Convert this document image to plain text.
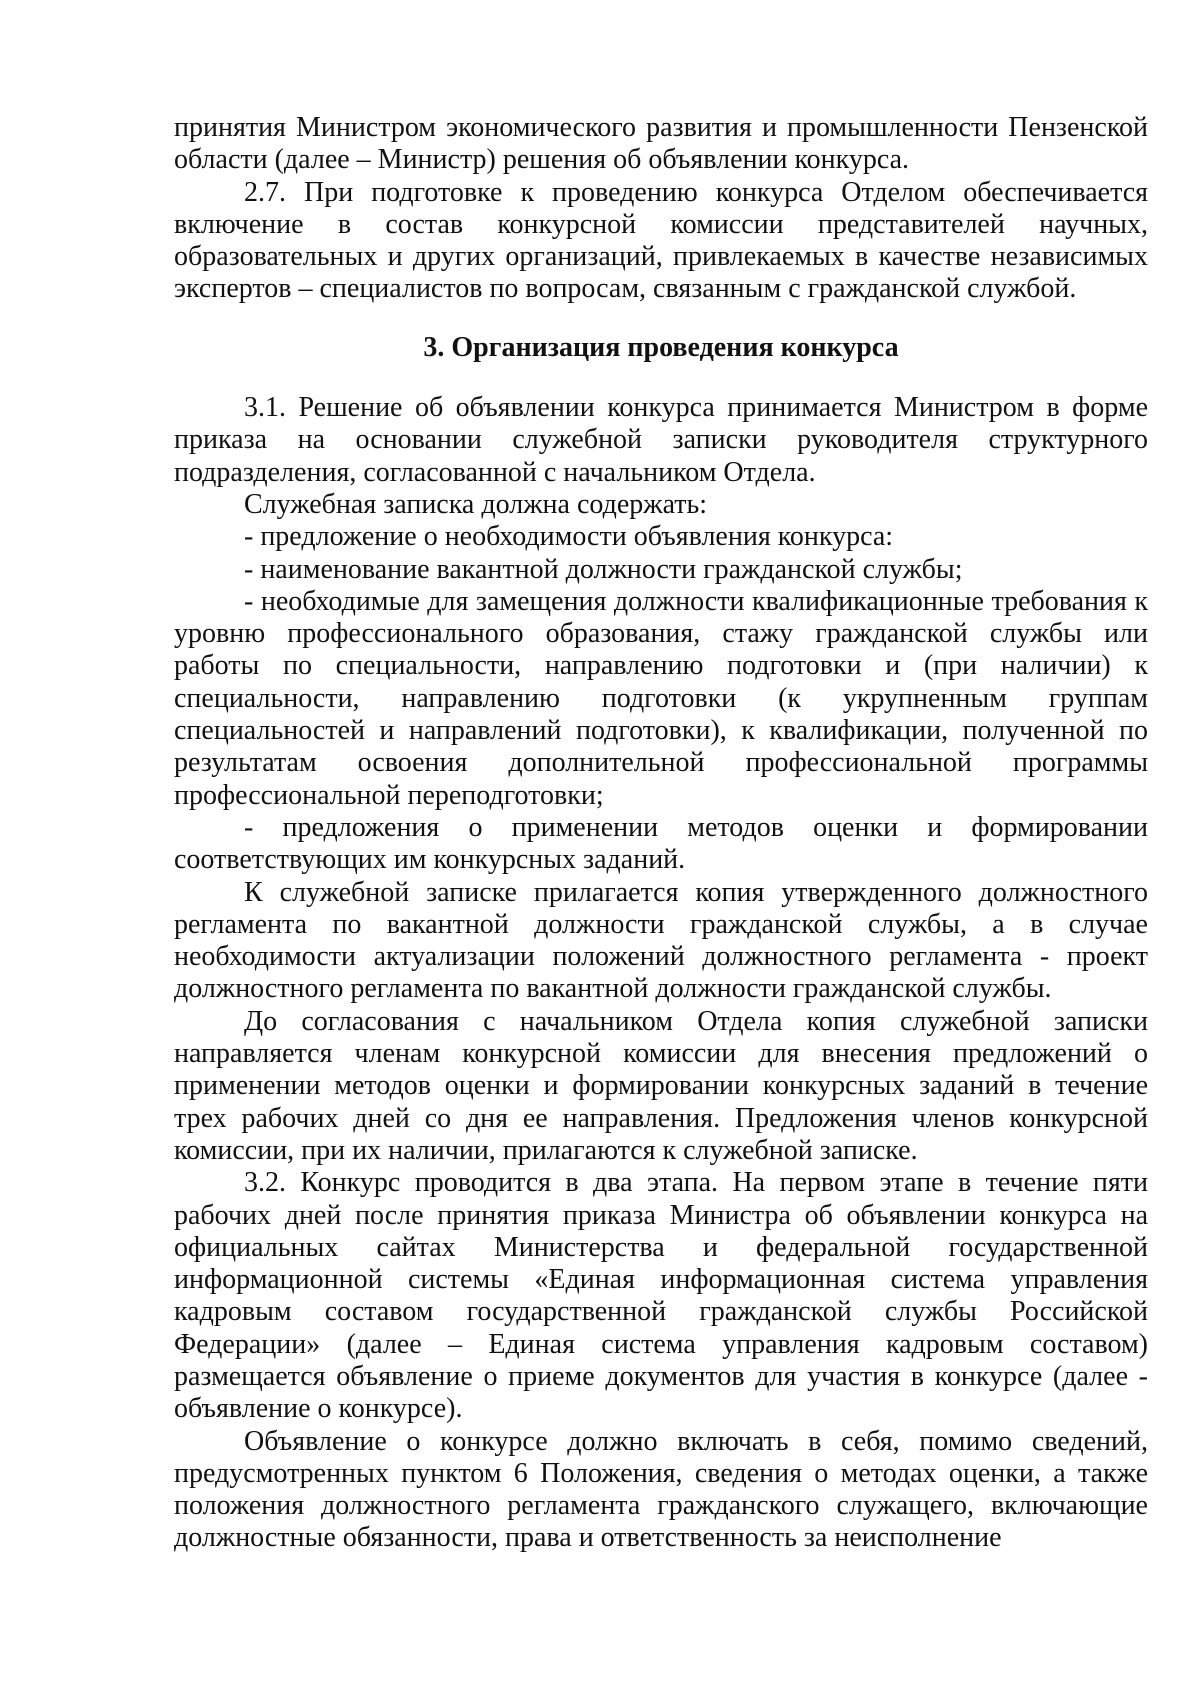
принятия Министром экономического развития и промышленности Пензенской области (далее – Министр) решения об объявлении конкурса.

2.7. При подготовке к проведению конкурса Отделом обеспечивается включение в состав конкурсной комиссии представителей научных, образовательных и других организаций, привлекаемых в качестве независимых экспертов – специалистов по вопросам, связанным с гражданской службой.

3. Организация проведения конкурса

3.1. Решение об объявлении конкурса принимается Министром в форме приказа на основании служебной записки руководителя структурного подразделения, согласованной с начальником Отдела.

Служебная записка должна содержать:

- предложение о необходимости объявления конкурса:

- наименование вакантной должности гражданской службы;

- необходимые для замещения должности квалификационные требования к уровню профессионального образования, стажу гражданской службы или работы по специальности, направлению подготовки и (при наличии) к специальности, направлению подготовки (к укрупненным группам специальностей и направлений подготовки), к квалификации, полученной по результатам освоения дополнительной профессиональной программы профессиональной переподготовки;

- предложения о применении методов оценки и формировании соответствующих им конкурсных заданий.

К служебной записке прилагается копия утвержденного должностного регламента по вакантной должности гражданской службы, а в случае необходимости актуализации положений должностного регламента - проект должностного регламента по вакантной должности гражданской службы.

До согласования с начальником Отдела копия служебной записки направляется членам конкурсной комиссии для внесения предложений о применении методов оценки и формировании конкурсных заданий в течение трех рабочих дней со дня ее направления. Предложения членов конкурсной комиссии, при их наличии, прилагаются к служебной записке.

3.2. Конкурс проводится в два этапа. На первом этапе в течение пяти рабочих дней после принятия приказа Министра об объявлении конкурса на официальных сайтах Министерства и федеральной государственной информационной системы «Единая информационная система управления кадровым составом государственной гражданской службы Российской Федерации» (далее – Единая система управления кадровым составом) размещается объявление о приеме документов для участия в конкурсе (далее - объявление о конкурсе).

Объявление о конкурсе должно включать в себя, помимо сведений, предусмотренных пунктом 6 Положения, сведения о методах оценки, а также положения должностного регламента гражданского служащего, включающие должностные обязанности, права и ответственность за неисполнение
